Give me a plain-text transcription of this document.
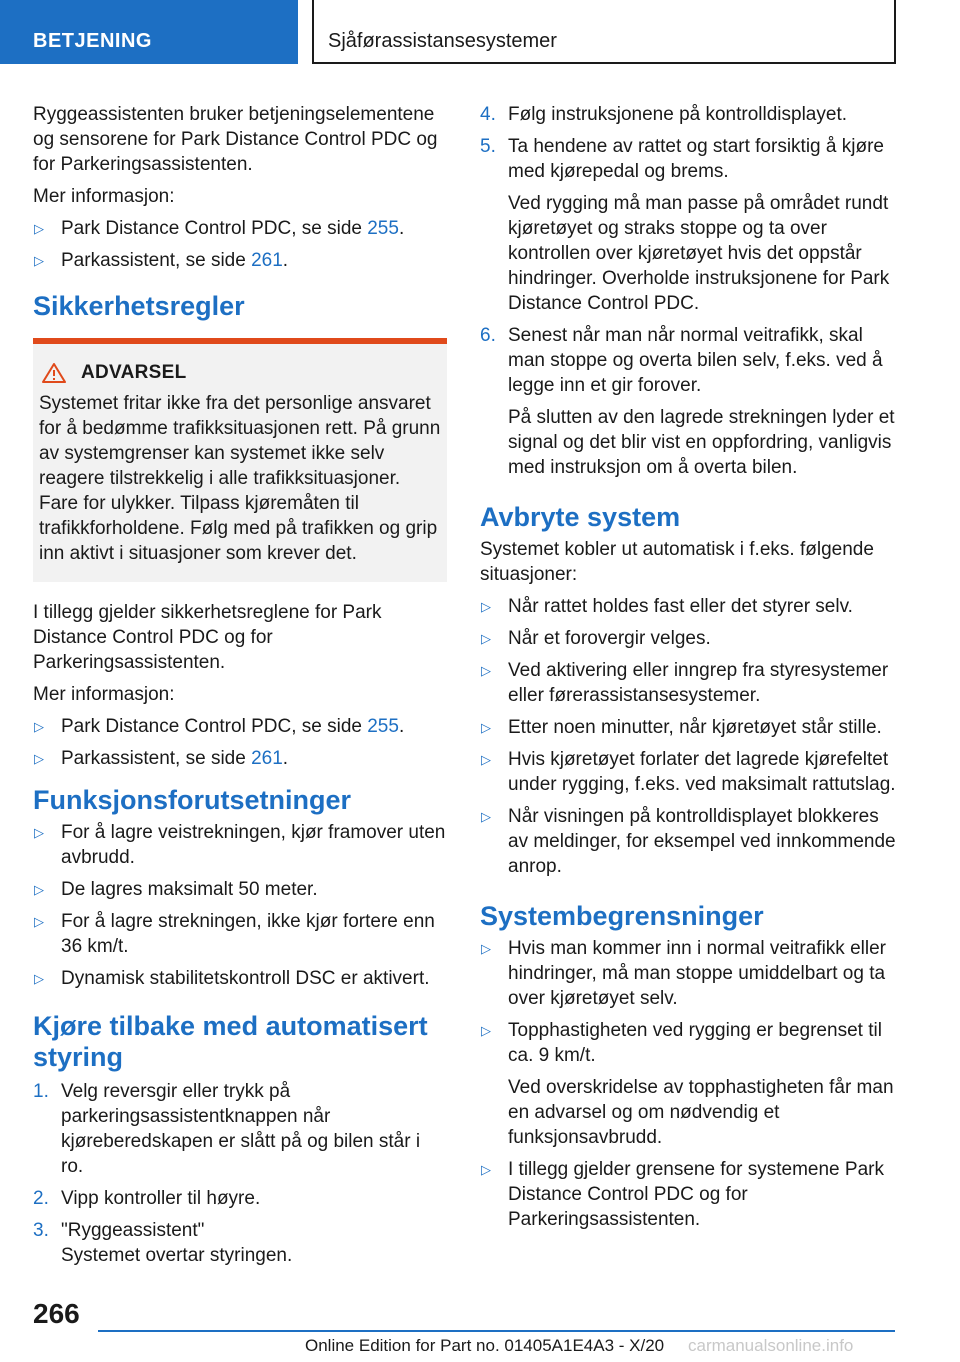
BETJENING	Sjåførassistansesystemer

Ryggeassistenten bruker betjeningselementene og sensorene for Park Distance Control PDC og for Parkeringsassistenten.

Mer informasjon:

▷ Park Distance Control PDC, se side 255.
▷ Parkassistent, se side 261.
Sikkerhetsregler
ADVARSEL
Systemet fritar ikke fra det personlige ansvaret for å bedømme trafikksituasjonen rett. På grunn av systemgrenser kan systemet ikke selv reagere tilstrekkelig i alle trafikksituasjoner. Fare for ulykker. Tilpass kjøremåten til trafikkforholdene. Følg med på trafikken og grip inn aktivt i situasjoner som krever det.

I tillegg gjelder sikkerhetsreglene for Park Distance Control PDC og for Parkeringsassistenten.

Mer informasjon:

▷ Park Distance Control PDC, se side 255.
▷ Parkassistent, se side 261.
Funksjonsforutsetninger
▷ For å lagre veistrekningen, kjør framover uten avbrudd.
▷ De lagres maksimalt 50 meter.
▷ For å lagre strekningen, ikke kjør fortere enn 36 km/t.
▷ Dynamisk stabilitetskontroll DSC er aktivert.
Kjøre tilbake med automatisert styring
1. Velg reversgir eller trykk på parkeringsassistentknappen når kjøreberedskapen er slått på og bilen står i ro.
2. Vipp kontroller til høyre.
3. "Ryggeassistent"
Systemet overtar styringen.
4. Følg instruksjonene på kontrolldisplayet.
5. Ta hendene av rattet og start forsiktig å kjøre med kjørepedal og brems.
Ved rygging må man passe på området rundt kjøretøyet og straks stoppe og ta over kontrollen over kjøretøyet hvis det oppstår hindringer. Overholde instruksjonene for Park Distance Control PDC.
6. Senest når man når normal veitrafikk, skal man stoppe og overta bilen selv, f.eks. ved å legge inn et gir forover.
På slutten av den lagrede strekningen lyder et signal og det blir vist en oppfordring, vanligvis med instruksjon om å overta bilen.
Avbryte system

Systemet kobler ut automatisk i f.eks. følgende situasjoner:

▷ Når rattet holdes fast eller det styrer selv.
▷ Når et forovergir velges.
▷ Ved aktivering eller inngrep fra styresystemer eller førerassistansesystemer.
▷ Etter noen minutter, når kjøretøyet står stille.
▷ Hvis kjøretøyet forlater det lagrede kjørefeltet under rygging, f.eks. ved maksimalt rattutslag.
▷ Når visningen på kontrolldisplayet blokkeres av meldinger, for eksempel ved innkommende anrop.
Systembegrensninger
▷ Hvis man kommer inn i normal veitrafikk eller hindringer, må man stoppe umiddelbart og ta over kjøretøyet selv.
▷ Topphastigheten ved rygging er begrenset til ca. 9 km/t.
Ved overskridelse av topphastigheten får man en advarsel og om nødvendig et funksjonsavbrudd.
▷ I tillegg gjelder grensene for systemene Park Distance Control PDC og for Parkeringsassistenten.
266
Online Edition for Part no. 01405A1E4A3 - X/20	carmanualsonline.info
